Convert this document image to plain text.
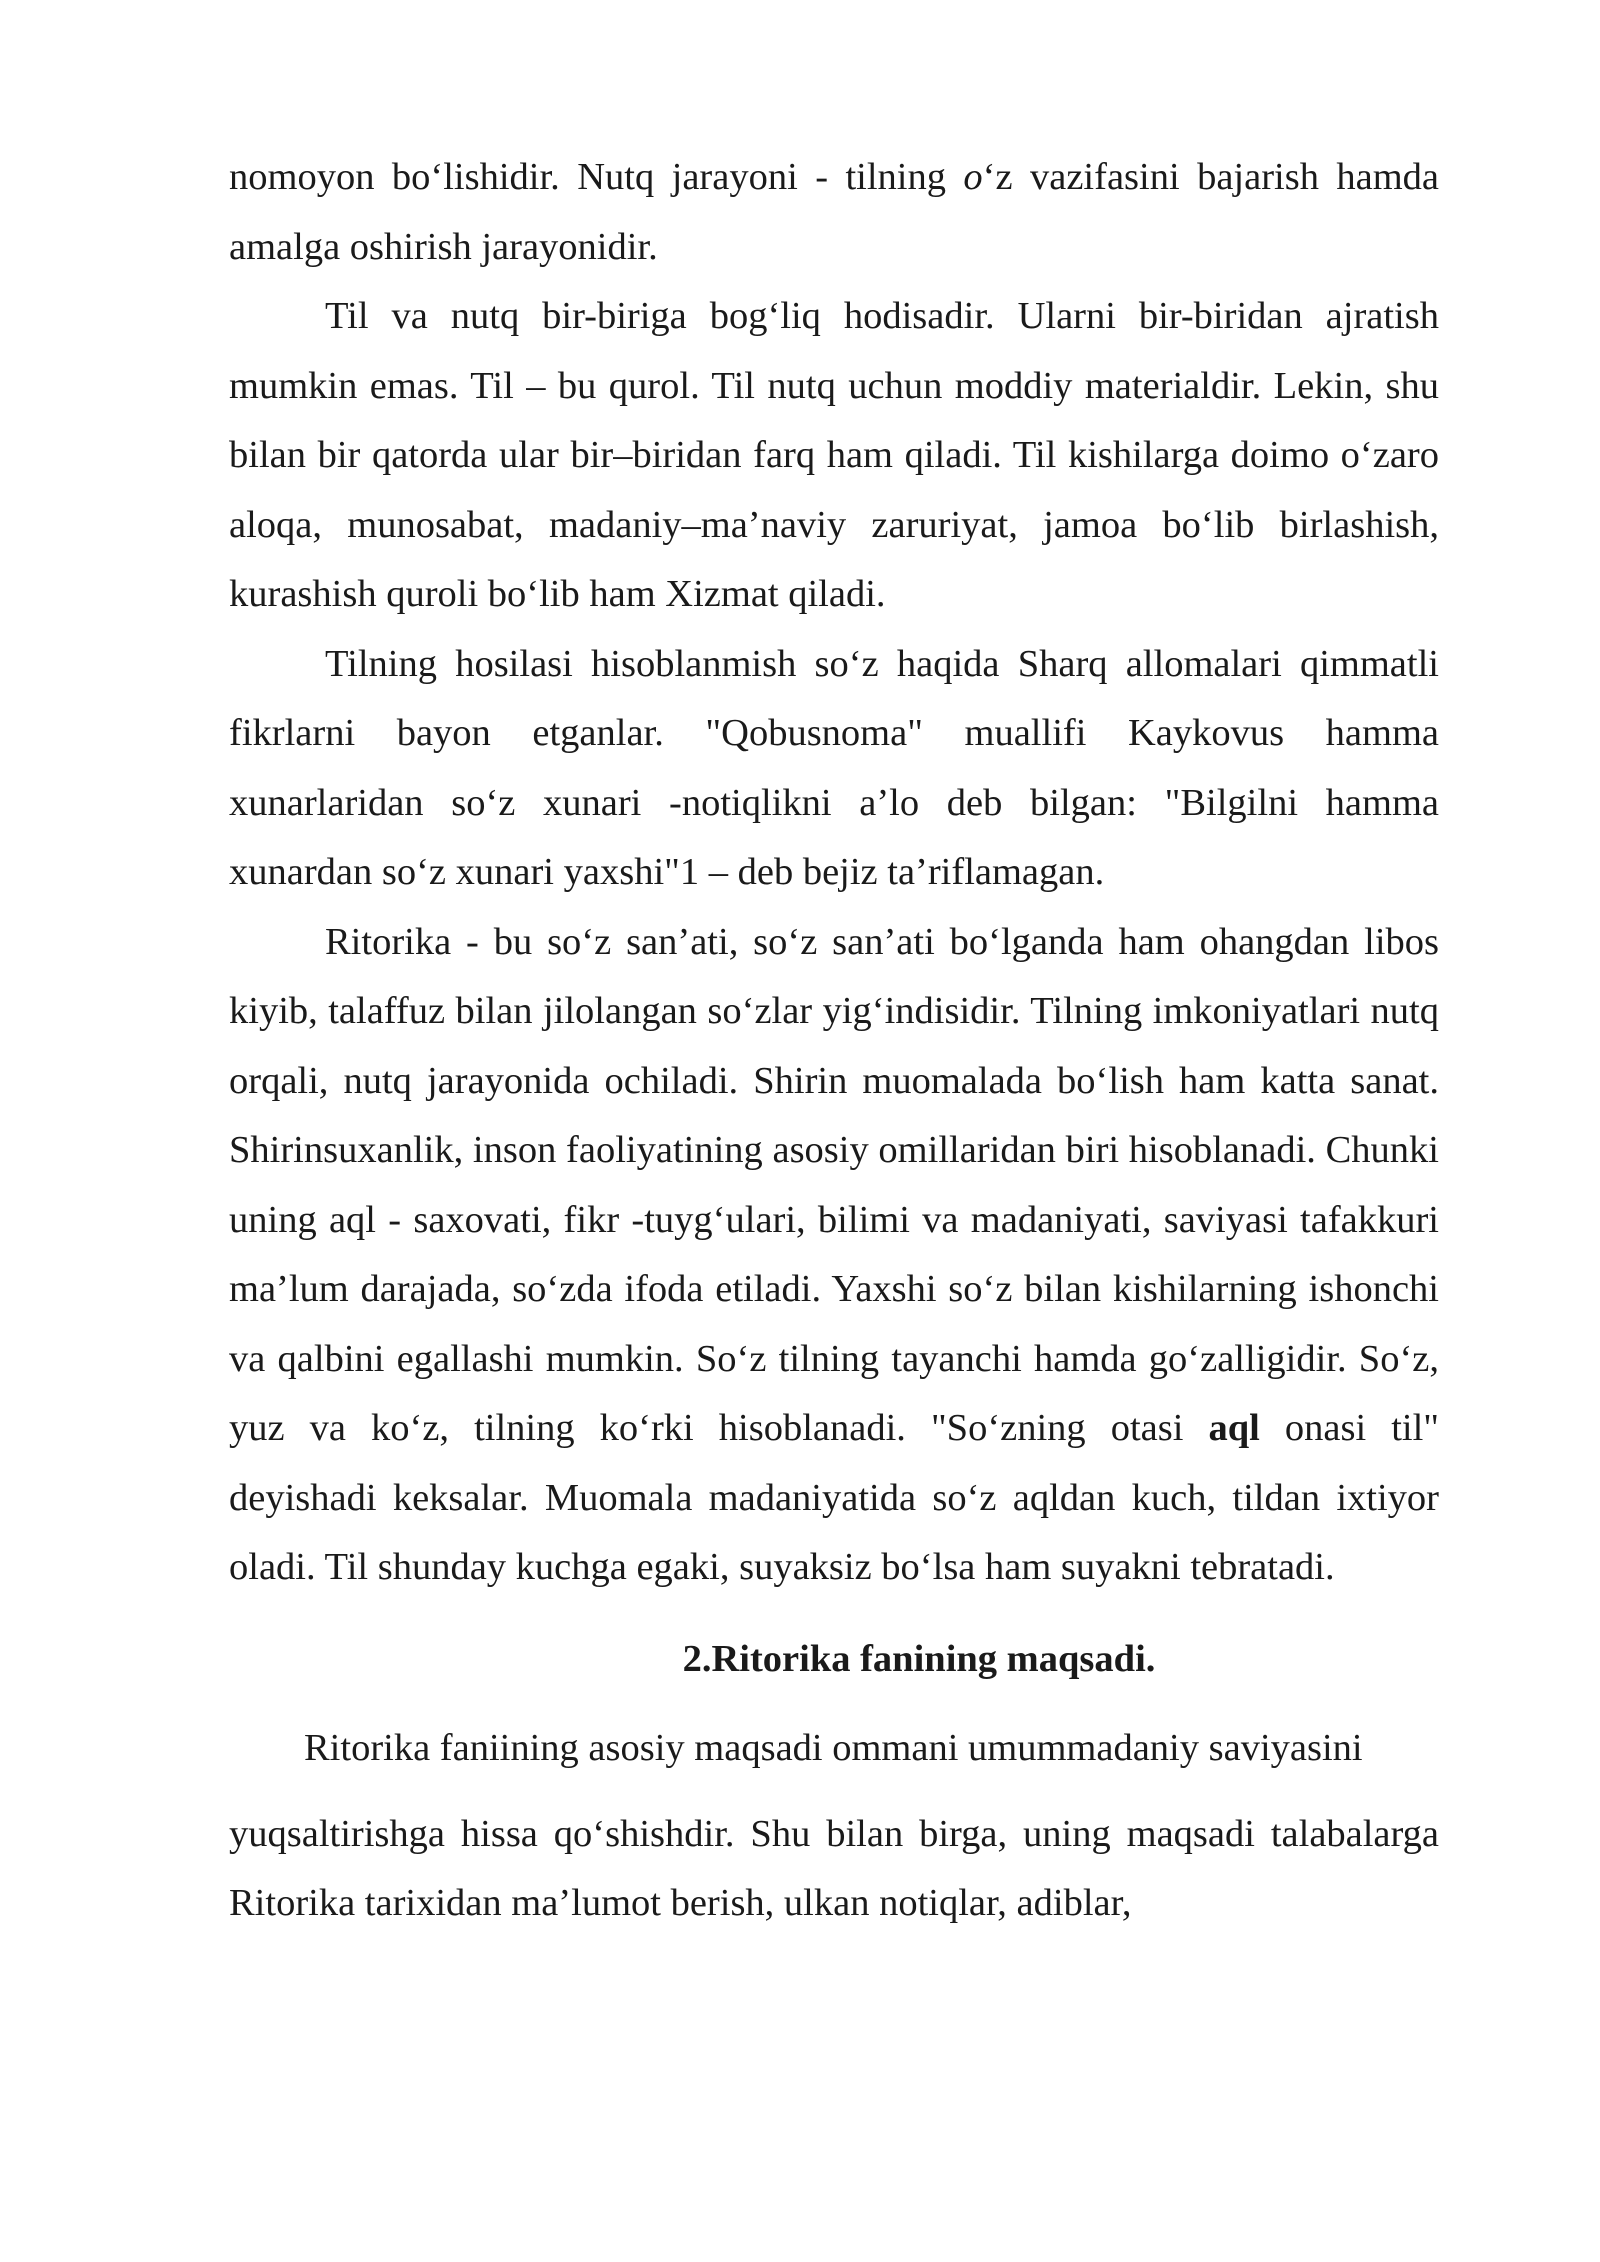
nomoyon bo‘lishidir. Nutq jarayoni - tilning o‘z vazifasini bajarish hamda amalga oshirish jarayonidir.

Til va nutq bir-biriga bog‘liq hodisadir. Ularni bir-biridan ajratish mumkin emas. Til – bu qurol. Til nutq uchun moddiy materialdir. Lekin, shu bilan bir qatorda ular bir–biridan farq ham qiladi. Til kishilarga doimo o‘zaro aloqa, munosabat, madaniy–ma’naviy zaruriyat, jamoa bo‘lib birlashish, kurashish quroli bo‘lib ham Xizmat qiladi.

Tilning hosilasi hisoblanmish so‘z haqida Sharq allomalari qimmatli fikrlarni bayon etganlar. "Qobusnoma" muallifi Kaykovus hamma xunarlaridan so‘z xunari -notiqlikni a’lo deb bilgan: "Bilgilni hamma xunardan so‘z xunari yaxshi"1 – deb bejiz ta’riflamagan.

Ritorika - bu so‘z san’ati, so‘z san’ati bo‘lganda ham ohangdan libos kiyib, talaffuz bilan jilolangan so‘zlar yig‘indisidir. Tilning imkoniyatlari nutq orqali, nutq jarayonida ochiladi. Shirin muomalada bo‘lish ham katta sanat. Shirinsuxanlik, inson faoliyatining asosiy omillaridan biri hisoblanadi. Chunki uning aql - saxovati, fikr -tuyg‘ulari, bilimi va madaniyati, saviyasi tafakkuri ma’lum darajada, so‘zda ifoda etiladi. Yaxshi so‘z bilan kishilarning ishonchi va qalbini egallashi mumkin. So‘z tilning tayanchi hamda go‘zalligidir. So‘z, yuz va ko‘z, tilning ko‘rki hisoblanadi. "So‘zning otasi aql onasi til" deyishadi keksalar. Muomala madaniyatida so‘z aqldan kuch, tildan ixtiyor oladi. Til shunday kuchga egaki, suyaksiz bo‘lsa ham suyakni tebratadi.

2.Ritorika fanining maqsadi.

Ritorika faniining asosiy maqsadi ommani umummadaniy saviyasini
yuqsaltirishga hissa qo‘shishdir. Shu bilan birga, uning maqsadi talabalarga Ritorika tarixidan ma’lumot berish, ulkan notiqlar, adiblar,
